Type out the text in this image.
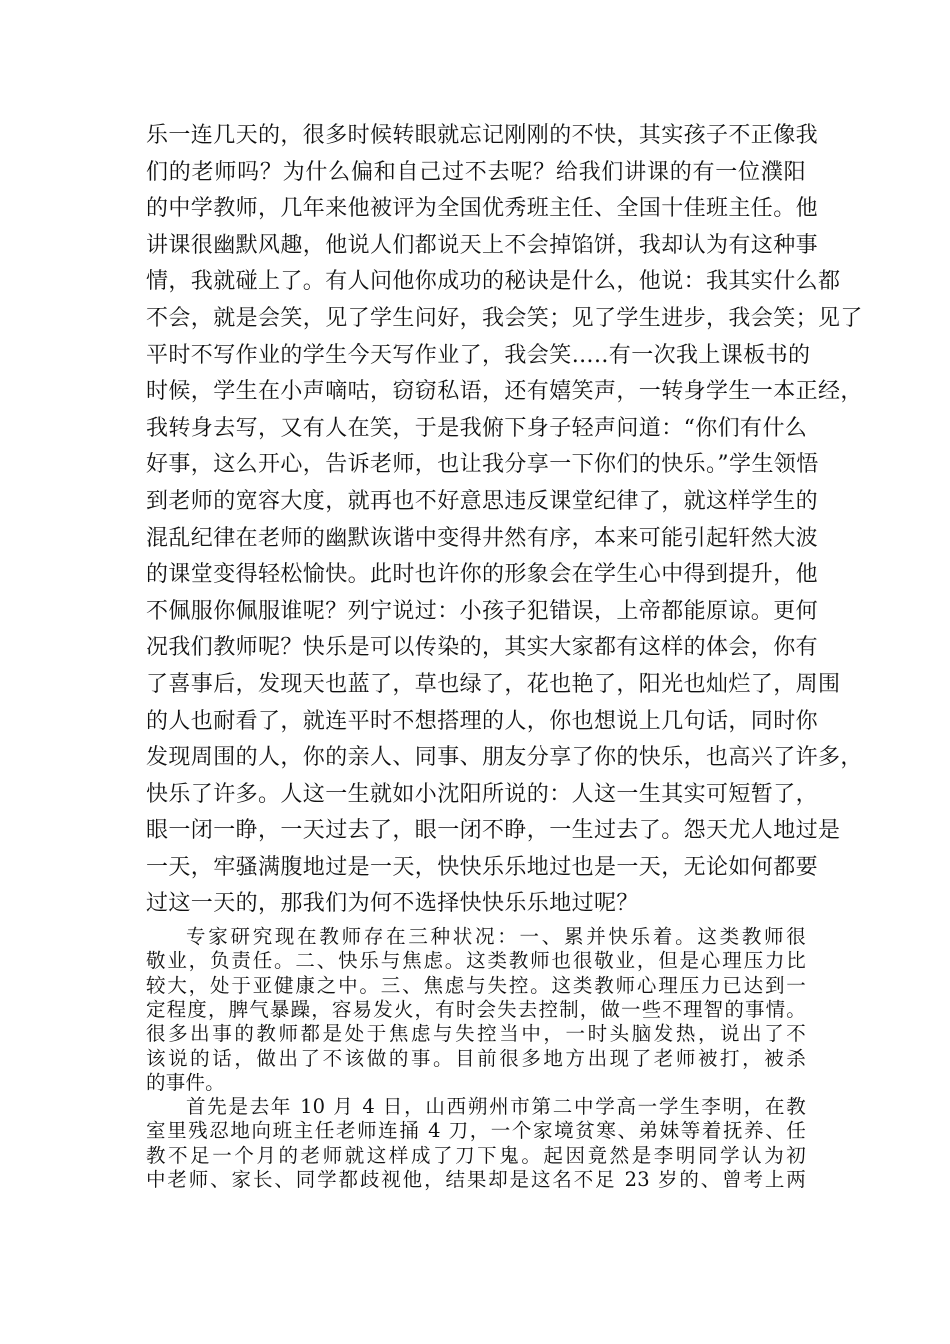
乐一连几天的，很多时候转眼就忘记刚刚的不快，其实孩子不正像我

们的老师吗？为什么偏和自己过不去呢？给我们讲课的有一位濮阳

的中学教师，几年来他被评为全国优秀班主任、全国十佳班主任。他

讲课很幽默风趣，他说人们都说天上不会掉馅饼，我却认为有这种事

情，我就碰上了。有人问他你成功的秘诀是什么，他说：我其实什么都

不会，就是会笑，见了学生问好，我会笑；见了学生进步，我会笑；见了

平时不写作业的学生今天写作业了，我会笑…..有一次我上课板书的

时候，学生在小声嘀咕，窃窃私语，还有嬉笑声，一转身学生一本正经，

我转身去写，又有人在笑，于是我俯下身子轻声问道：“你们有什么

好事，这么开心，告诉老师，也让我分享一下你们的快乐。”学生领悟

到老师的宽容大度，就再也不好意思违反课堂纪律了，就这样学生的

混乱纪律在老师的幽默诙谐中变得井然有序，本来可能引起轩然大波

的课堂变得轻松愉快。此时也许你的形象会在学生心中得到提升，他

不佩服你佩服谁呢？列宁说过：小孩子犯错误，上帝都能原谅。更何

况我们教师呢？快乐是可以传染的，其实大家都有这样的体会，你有

了喜事后，发现天也蓝了，草也绿了，花也艳了，阳光也灿烂了，周围

的人也耐看了，就连平时不想搭理的人，你也想说上几句话，同时你

发现周围的人，你的亲人、同事、朋友分享了你的快乐，也高兴了许多，

快乐了许多。人这一生就如小沈阳所说的：人这一生其实可短暂了，

眼一闭一睁，一天过去了，眼一闭不睁，一生过去了。怨天尤人地过是

一天，牢骚满腹地过是一天，快快乐乐地过也是一天，无论如何都要

过这一天的，那我们为何不选择快快乐乐地过呢？

专家研究现在教师存在三种状况：一、累并快乐着。这类教师很

敬业，负责任。二、快乐与焦虑。这类教师也很敬业，但是心理压力比

较大，处于亚健康之中。三、焦虑与失控。这类教师心理压力已达到一

定程度，脾气暴躁，容易发火，有时会失去控制，做一些不理智的事情。

很多出事的教师都是处于焦虑与失控当中，一时头脑发热，说出了不

该说的话，做出了不该做的事。目前很多地方出现了老师被打，被杀

的事件。

首先是去年 10 月 4 日，山西朔州市第二中学高一学生李明，在教

室里残忍地向班主任老师连捅 4 刀，一个家境贫寒、弟妹等着抚养、任

教不足一个月的老师就这样成了刀下鬼。起因竟然是李明同学认为初

中老师、家长、同学都歧视他，结果却是这名不足 23 岁的、曾考上两
